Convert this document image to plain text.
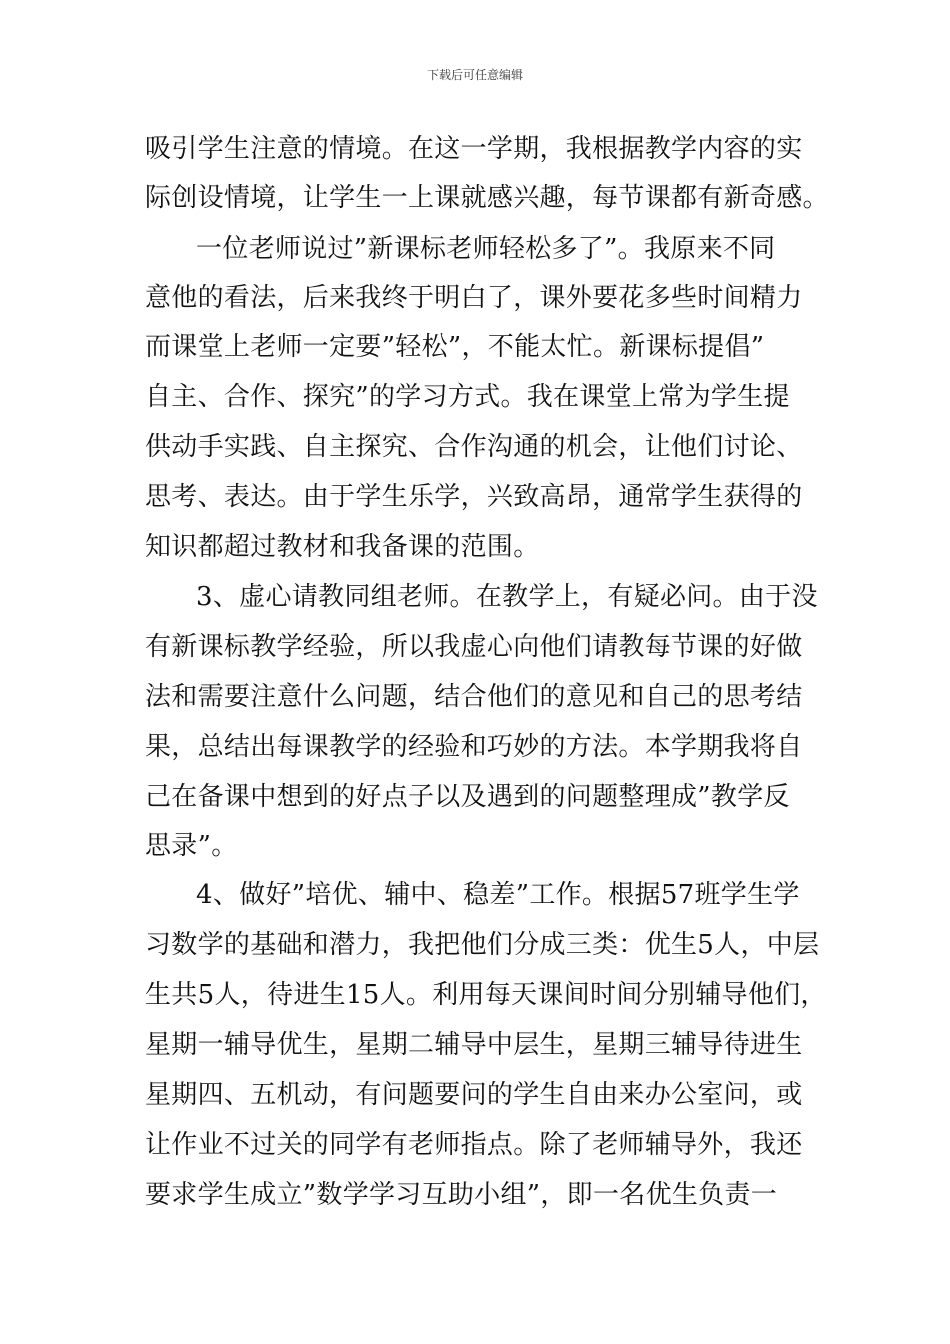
下载后可任意编辑
吸引学生注意的情境。在这一学期，我根据教学内容的实
际创设情境，让学生一上课就感兴趣，每节课都有新奇感。
一位老师说过”新课标老师轻松多了”。我原来不同
意他的看法，后来我终于明白了，课外要花多些时间精力
而课堂上老师一定要”轻松”，不能太忙。新课标提倡”
自主、合作、探究”的学习方式。我在课堂上常为学生提
供动手实践、自主探究、合作沟通的机会，让他们讨论、
思考、表达。由于学生乐学，兴致高昂，通常学生获得的
知识都超过教材和我备课的范围。
3、虚心请教同组老师。在教学上，有疑必问。由于没
有新课标教学经验，所以我虚心向他们请教每节课的好做
法和需要注意什么问题，结合他们的意见和自己的思考结
果，总结出每课教学的经验和巧妙的方法。本学期我将自
己在备课中想到的好点子以及遇到的问题整理成”教学反
思录”。
4、做好”培优、辅中、稳差”工作。根据57班学生学
习数学的基础和潜力，我把他们分成三类：优生5人，中层
生共5人，待进生15人。利用每天课间时间分别辅导他们，
星期一辅导优生，星期二辅导中层生，星期三辅导待进生
星期四、五机动，有问题要问的学生自由来办公室问，或
让作业不过关的同学有老师指点。除了老师辅导外，我还
要求学生成立”数学学习互助小组”，即一名优生负责一
